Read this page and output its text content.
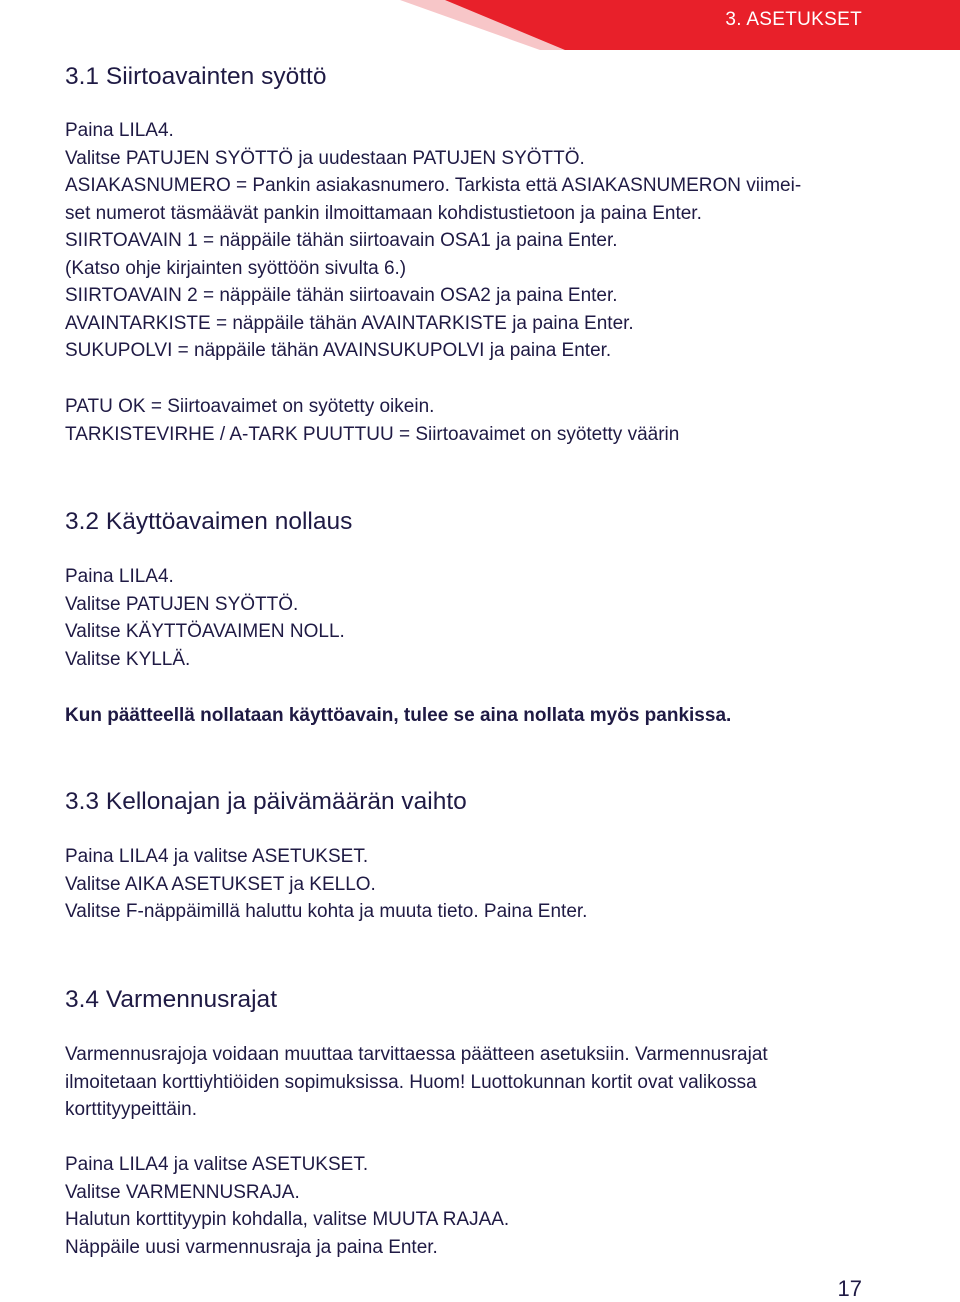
3. ASETUKSET
3.1 Siirtoavainten syöttö
Paina LILA4.
Valitse PATUJEN SYÖTTÖ ja uudestaan PATUJEN SYÖTTÖ.
ASIAKASNUMERO = Pankin asiakasnumero. Tarkista että ASIAKASNUMERON viimei-
set numerot täsmäävät pankin ilmoittamaan kohdistustietoon ja paina Enter.
SIIRTOAVAIN 1 = näppäile tähän siirtoavain OSA1 ja paina Enter.
(Katso ohje kirjainten syöttöön sivulta 6.)
SIIRTOAVAIN 2 = näppäile tähän siirtoavain OSA2 ja paina Enter.
AVAINTARKISTE = näppäile tähän AVAINTARKISTE ja paina Enter.
SUKUPOLVI = näppäile tähän AVAINSUKUPOLVI ja paina Enter.
PATU OK = Siirtoavaimet on syötetty oikein.
TARKISTEVIRHE / A-TARK PUUTTUU = Siirtoavaimet on syötetty väärin
3.2 Käyttöavaimen nollaus
Paina LILA4.
Valitse PATUJEN SYÖTTÖ.
Valitse KÄYTTÖAVAIMEN NOLL.
Valitse KYLLÄ.
Kun päätteellä nollataan käyttöavain, tulee se aina nollata myös pankissa.
3.3 Kellonajan ja päivämäärän vaihto
Paina LILA4 ja valitse ASETUKSET.
Valitse AIKA ASETUKSET ja KELLO.
Valitse F-näppäimillä haluttu kohta ja muuta tieto. Paina Enter.
3.4 Varmennusrajat
Varmennusrajoja voidaan muuttaa tarvittaessa päätteen asetuksiin. Varmennusrajat
ilmoitetaan korttiyhtiöiden sopimuksissa. Huom! Luottokunnan kortit ovat valikossa
korttityypeittäin.
Paina LILA4 ja valitse ASETUKSET.
Valitse VARMENNUSRAJA.
Halutun korttityypin kohdalla, valitse MUUTA RAJAA.
Näppäile uusi varmennusraja ja paina Enter.
17
